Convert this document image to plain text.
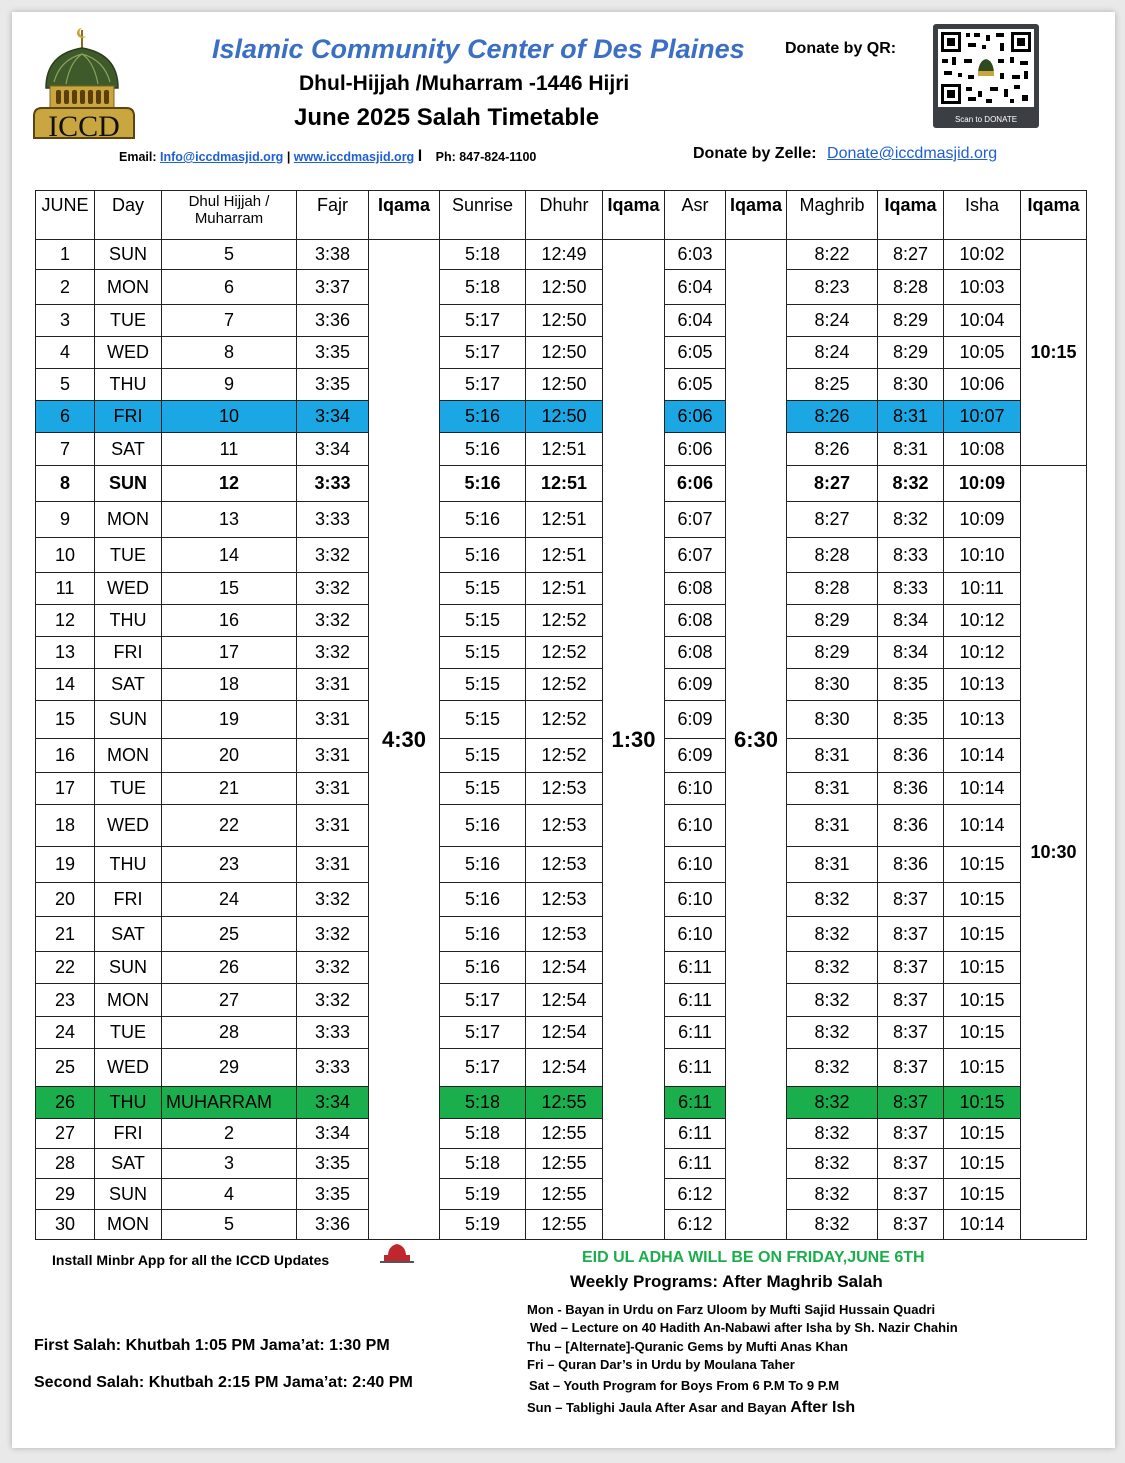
ICCD
Islamic Community Center of Des Plaines
Dhul-Hijjah /Muharram -1446 Hijri
June 2025 Salah Timetable
Donate by QR:
Scan to DONATE
Email: Info@iccdmasjid.org | www.iccdmasjid.org l Ph: 847-824-1100	Donate by Zelle: Donate@iccdmasjid.org
JUNE	Day	Dhul Hijjah / Muharram	Fajr	Iqama	Sunrise	Dhuhr	Iqama	Asr	Iqama	Maghrib	Iqama	Isha	Iqama
1	SUN	5	3:38	4:30	5:18	12:49	1:30	6:03	6:30	8:22	8:27	10:02	10:15
2	MON	6	3:37		5:18	12:50		6:04		8:23	8:28	10:03	
3	TUE	7	3:36		5:17	12:50		6:04		8:24	8:29	10:04	
4	WED	8	3:35		5:17	12:50		6:05		8:24	8:29	10:05	
5	THU	9	3:35		5:17	12:50		6:05		8:25	8:30	10:06	
6	FRI	10	3:34		5:16	12:50		6:06		8:26	8:31	10:07	
7	SAT	11	3:34		5:16	12:51		6:06		8:26	8:31	10:08	
8	SUN	12	3:33		5:16	12:51		6:06		8:27	8:32	10:09	10:30
9	MON	13	3:33		5:16	12:51		6:07		8:27	8:32	10:09	
10	TUE	14	3:32		5:16	12:51		6:07		8:28	8:33	10:10	
11	WED	15	3:32		5:15	12:51		6:08		8:28	8:33	10:11	
12	THU	16	3:32		5:15	12:52		6:08		8:29	8:34	10:12	
13	FRI	17	3:32		5:15	12:52		6:08		8:29	8:34	10:12	
14	SAT	18	3:31		5:15	12:52		6:09		8:30	8:35	10:13	
15	SUN	19	3:31		5:15	12:52		6:09		8:30	8:35	10:13	
16	MON	20	3:31		5:15	12:52		6:09		8:31	8:36	10:14	
17	TUE	21	3:31		5:15	12:53		6:10		8:31	8:36	10:14	
18	WED	22	3:31		5:16	12:53		6:10		8:31	8:36	10:14	
19	THU	23	3:31		5:16	12:53		6:10		8:31	8:36	10:15	
20	FRI	24	3:32		5:16	12:53		6:10		8:32	8:37	10:15	
21	SAT	25	3:32		5:16	12:53		6:10		8:32	8:37	10:15	
22	SUN	26	3:32		5:16	12:54		6:11		8:32	8:37	10:15	
23	MON	27	3:32		5:17	12:54		6:11		8:32	8:37	10:15	
24	TUE	28	3:33		5:17	12:54		6:11		8:32	8:37	10:15	
25	WED	29	3:33		5:17	12:54		6:11		8:32	8:37	10:15	
26	THU	MUHARRAM	3:34		5:18	12:55		6:11		8:32	8:37	10:15	
27	FRI	2	3:34		5:18	12:55		6:11		8:32	8:37	10:15	
28	SAT	3	3:35		5:18	12:55		6:11		8:32	8:37	10:15	
29	SUN	4	3:35		5:19	12:55		6:12		8:32	8:37	10:15	
30	MON	5	3:36		5:19	12:55		6:12		8:32	8:37	10:14	
Install Minbr App for all the ICCD Updates	EID UL ADHA WILL BE ON FRIDAY,JUNE 6TH
Weekly Programs: After Maghrib Salah
Mon - Bayan in Urdu on Farz Uloom by Mufti Sajid Hussain Quadri
Wed – Lecture on 40 Hadith An-Nabawi after Isha by Sh. Nazir Chahin
Thu – [Alternate]-Quranic Gems by Mufti Anas Khan
Fri – Quran Dar’s in Urdu by Moulana Taher
Sat – Youth Program for Boys From 6 P.M To 9 P.M
Sun – Tablighi Jaula After Asar and Bayan After Ish
First Salah: Khutbah 1:05 PM Jama’at: 1:30 PM
Second Salah: Khutbah 2:15 PM Jama’at: 2:40 PM
